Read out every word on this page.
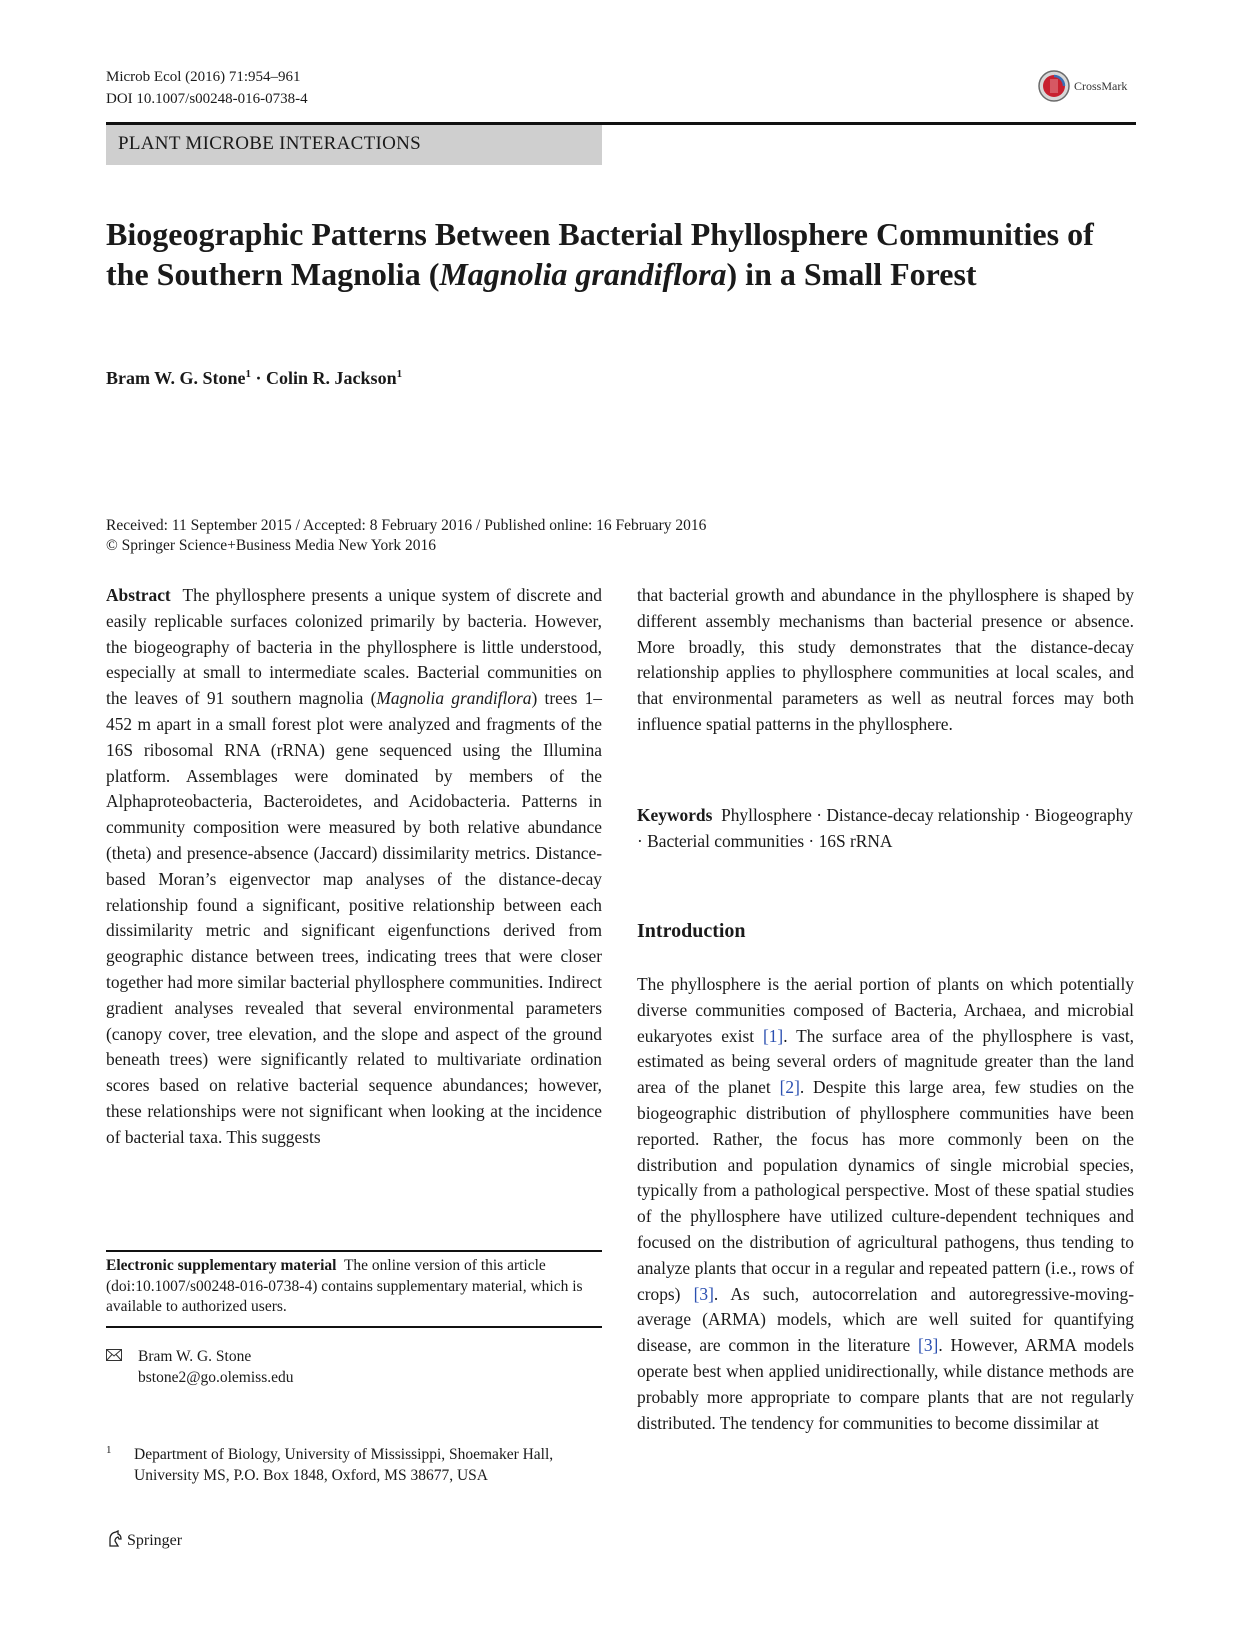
Microb Ecol (2016) 71:954–961
DOI 10.1007/s00248-016-0738-4
CrossMark
PLANT MICROBE INTERACTIONS
Biogeographic Patterns Between Bacterial Phyllosphere Communities of the Southern Magnolia (Magnolia grandiflora) in a Small Forest
Bram W. G. Stone$^1$ · Colin R. Jackson$^1$
Received: 11 September 2015 / Accepted: 8 February 2016 / Published online: 16 February 2016
© Springer Science+Business Media New York 2016

Abstract The phyllosphere presents a unique system of discrete and easily replicable surfaces colonized primarily by bacteria. However, the biogeography of bacteria in the phyllosphere is little understood, especially at small to intermediate scales. Bacterial communities on the leaves of 91 southern magnolia (Magnolia grandiflora) trees 1–452 m apart in a small forest plot were analyzed and fragments of the 16S ribosomal RNA (rRNA) gene sequenced using the Illumina platform. Assemblages were dominated by members of the Alphaproteobacteria, Bacteroidetes, and Acidobacteria. Patterns in community composition were measured by both relative abundance (theta) and presence-absence (Jaccard) dissimilarity metrics. Distance-based Moran’s eigenvector map analyses of the distance-decay relationship found a significant, positive relationship between each dissimilarity metric and significant eigenfunctions derived from geographic distance between trees, indicating trees that were closer together had more similar bacterial phyllosphere communities. Indirect gradient analyses revealed that several environmental parameters (canopy cover, tree elevation, and the slope and aspect of the ground beneath trees) were significantly related to multivariate ordination scores based on relative bacterial sequence abundances; however, these relationships were not significant when looking at the incidence of bacterial taxa. This suggests

that bacterial growth and abundance in the phyllosphere is shaped by different assembly mechanisms than bacterial presence or absence. More broadly, this study demonstrates that the distance-decay relationship applies to phyllosphere communities at local scales, and that environmental parameters as well as neutral forces may both influence spatial patterns in the phyllosphere.

Keywords Phyllosphere · Distance-decay relationship · Biogeography · Bacterial communities · 16S rRNA

Introduction

The phyllosphere is the aerial portion of plants on which potentially diverse communities composed of Bacteria, Archaea, and microbial eukaryotes exist [1]. The surface area of the phyllosphere is vast, estimated as being several orders of magnitude greater than the land area of the planet [2]. Despite this large area, few studies on the biogeographic distribution of phyllosphere communities have been reported. Rather, the focus has more commonly been on the distribution and population dynamics of single microbial species, typically from a pathological perspective. Most of these spatial studies of the phyllosphere have utilized culture-dependent techniques and focused on the distribution of agricultural pathogens, thus tending to analyze plants that occur in a regular and repeated pattern (i.e., rows of crops) [3]. As such, autocorrelation and autoregressive-moving-average (ARMA) models, which are well suited for quantifying disease, are common in the literature [3]. However, ARMA models operate best when applied unidirectionally, while distance methods are probably more appropriate to compare plants that are not regularly distributed. The tendency for communities to become dissimilar at

Electronic supplementary material The online version of this article (doi:10.1007/s00248-016-0738-4) contains supplementary material, which is available to authorized users.
Bram W. G. Stone
bstone2@go.olemiss.edu
1 Department of Biology, University of Mississippi, Shoemaker Hall, University MS, P.O. Box 1848, Oxford, MS 38677, USA
Springer
